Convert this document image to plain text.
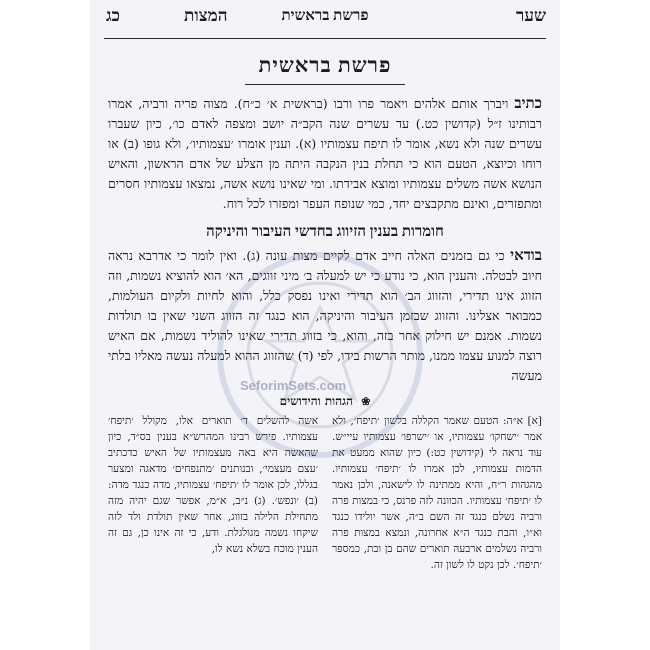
שער
פרשת בראשית
המצות
כג
פרשת בראשית

כתיב ויברך אותם אלהים ויאמר פרו ורבו (בראשית א׳ כ״ח). מצוה פריה ורביה, אמרו רבותינו ז״ל (קדושין כט.) עד עשרים שנה הקב״ה יושב ומצפה לאדם כו׳, כיון שעברו עשרים שנה ולא נשא, אומר לו תיפח עצמותיו (א). וענין אומרו ׳עצמותיו׳, ולא גופו (ב) או רוחו וכיוצא, הטעם הוא כי תחלת בנין הנקבה היתה מן הצלע של אדם הראשון, והאיש הנושא אשה משלים עצמותיו ומוצא אבידתו. ומי שאינו נושא אשה, נמצאו עצמותיו חסרים ומתפזרים, ואינם מתקבצים יחד, כמי שנופח העפר ומפזרו לכל רוח.

חומרות בענין הזיווג בחדשי העיבור והיניקה

בודאי כי גם בזמנים האלה חייב אדם לקיים מצות עונה (ג). ואין לומר כי אדרבא נראה חיוב לבטלה. והענין הוא, כי נודע כי יש למעלה ב׳ מיני זווגים, הא׳ הוא להוציא נשמות, וזה הזווג אינו תדירי, והזווג הב׳ הוא תדירי ואינו נפסק כלל, והוא לחיות ולקיום העולמות, כמבואר אצלינו. והזווג שבזמן העיבור והיניקה, הוא כנגד זה הזווג השני שאין בו תולדות נשמות. אמנם יש חילוק אחר בזה, והוא, כי בזווג תדירי שאינו להוליד נשמות, אם האיש רוצה למנוע עצמו ממנו, מותר הרשות בידו, לפי (ד) שהזווג ההוא למעלה נעשה מאליו בלתי מעשה

❀ הגהות והידושים
[א] א״ה: הטעם שאמר הקללה בלשון ׳תיפח׳, ולא אמר ׳ישחקו׳ עצמותיו, או ׳ישרפו׳ עצמותיו עיי״ש. עוד נראה לי (קידושין כט:) כיון שהוא ממעט את הדמות עצמותיו, לכן אמרו לו ׳תיפח׳ עצמותיו. מהגהות ר״ח, והיא ממתינה לו לישאנה, ולכן נאמר לו ׳תיפח׳ עצמותיו. הכוונה לזה פרנס, כי במצות פרה ורביה נשלם כנגד זה השם ב״ה, אשר יולידו כנגד וא״ו, והבת כנגד ה״א אחרונה, ונמצא במצות פרה ורביה נשלמים ארבעה תוארים שהם בן ובת, כמספר ׳תיפח׳. לכן נקט לו לשון זה.
אשה להשלים ד׳ תוארים אלו, מקולל ׳תיפח׳ עצמותיו. פירש רבינו המהרש״א בענין בס״ד, כיון שהאשה היא באה מעצמותיו של האיש כדכתיב ׳עצם מעצמי׳, ובנותנים ׳מתנפחים׳ מדאגה ומצער בגללו, לכן אומר לו ׳תיפח׳ עצמותיו, מדה כנגד מדה: (ב) ׳ונפש׳. (ג) נ״ב, א״מ, אפשר שגם יהיה מזה מתחילת הלילה בזווג, אחר שאין תולדת ולד לזה שיקחו נשמה מגולגלת. ודע, כי זה אינו כן, גם זה הענין מוכח בשלא נשא לו,
SeforimSets.com
